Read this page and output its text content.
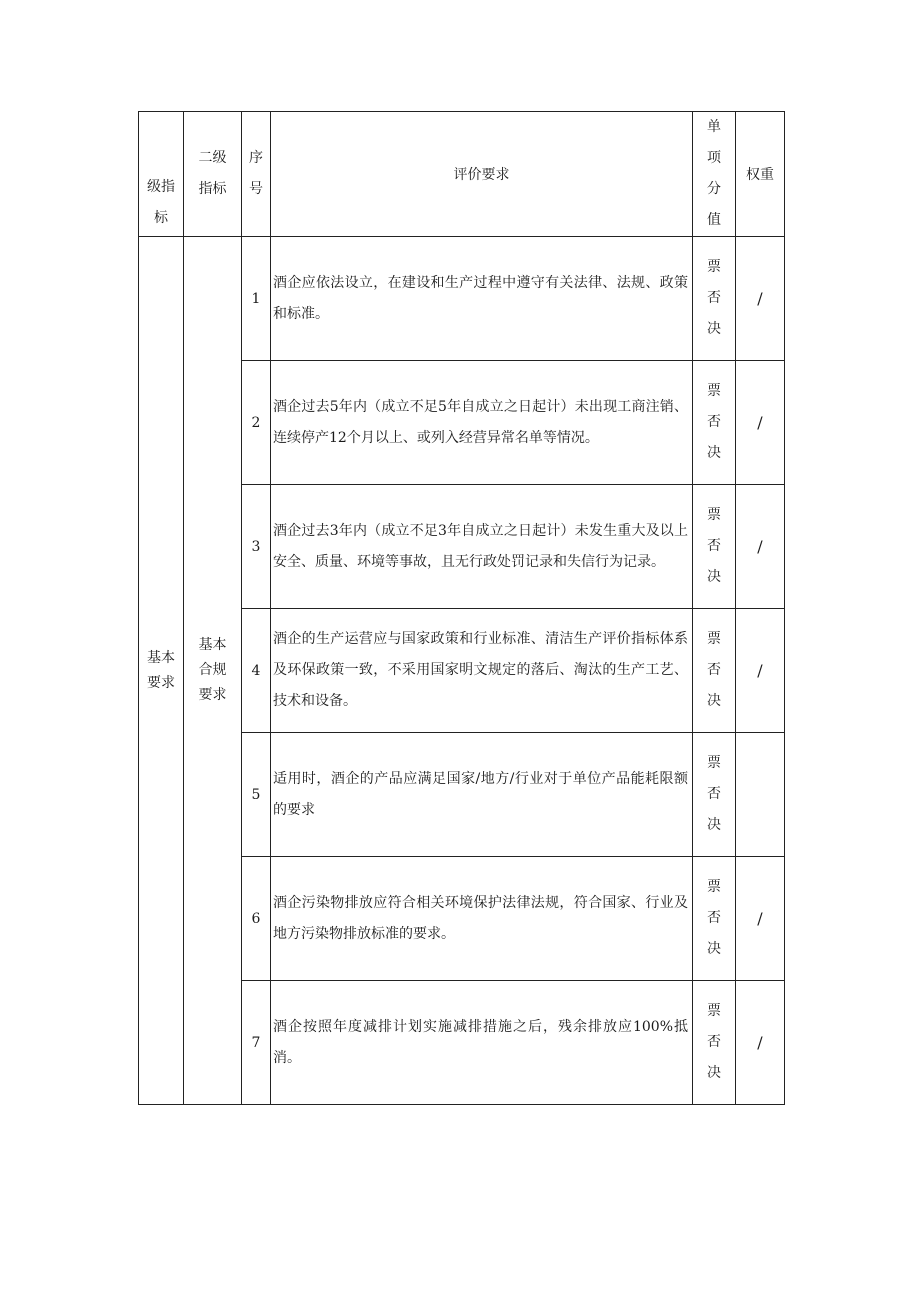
级指标	二级指标	序号	评价要求	单项分值	权重

基本要求	基本合规要求	1	酒企应依法设立，在建设和生产过程中遵守有关法律、法规、政策和标准。	票否决	/
		2	酒企过去5年内（成立不足5年自成立之日起计）未出现工商注销、连续停产12个月以上、或列入经营异常名单等情况。	票否决	/
		3	酒企过去3年内（成立不足3年自成立之日起计）未发生重大及以上安全、质量、环境等事故，且无行政处罚记录和失信行为记录。	票否决	/
		4	酒企的生产运营应与国家政策和行业标准、清洁生产评价指标体系及环保政策一致，不采用国家明文规定的落后、淘汰的生产工艺、技术和设备。	票否决	/
		5	适用时，酒企的产品应满足国家/地方/行业对于单位产品能耗限额的要求	票否决	

		6	酒企污染物排放应符合相关环境保护法律法规，符合国家、行业及地方污染物排放标准的要求。	票否决	/
		7	酒企按照年度减排计划实施减排措施之后，残余排放应100%抵消。	票否决	/
